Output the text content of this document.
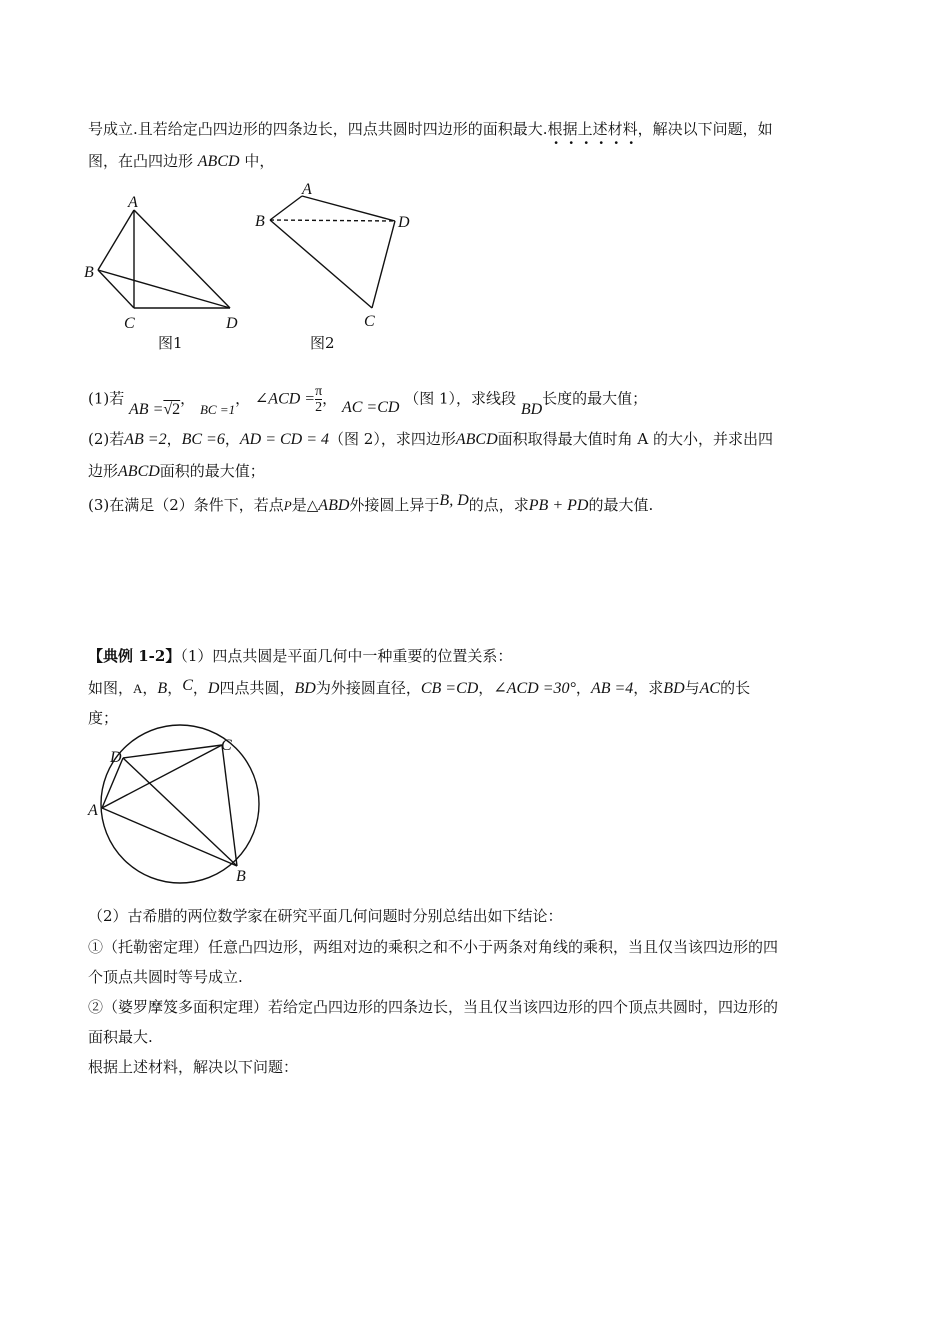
号成立.且若给定凸四边形的四条边长，四点共圆时四边形的面积最大.根据上述材料，解决以下问题，如
图，在凸四边形 ABCD 中，
A
B
C	D
图1
A
B
C
D
图2
(1)若 AB =√2， BC =1， ∠ACD = $\frac{\pi}{2}$ ， AC =CD （图 1），求线段 BD长度的最大值；
(2)若AB =2，BC =6，AD = CD = 4（图 2），求四边形ABCD面积取得最大值时角 A 的大小，并求出四
边形ABCD面积的最大值；
(3)在满足（2）条件下，若点P是△ABD外接圆上异于B, D的点，求PB + PD的最大值.
【典例 1-2】（1）四点共圆是平面几何中一种重要的位置关系：
如图，A，B，C，D四点共圆，BD为外接圆直径，CB =CD，∠ACD =30°，AB =4，求BD与AC的长
度；
A
B
C
D
（2）古希腊的两位数学家在研究平面几何问题时分别总结出如下结论：
①（托勒密定理）任意凸四边形，两组对边的乘积之和不小于两条对角线的乘积，当且仅当该四边形的四
个顶点共圆时等号成立.
②（婆罗摩笈多面积定理）若给定凸四边形的四条边长，当且仅当该四边形的四个顶点共圆时，四边形的
面积最大.
根据上述材料，解决以下问题：
